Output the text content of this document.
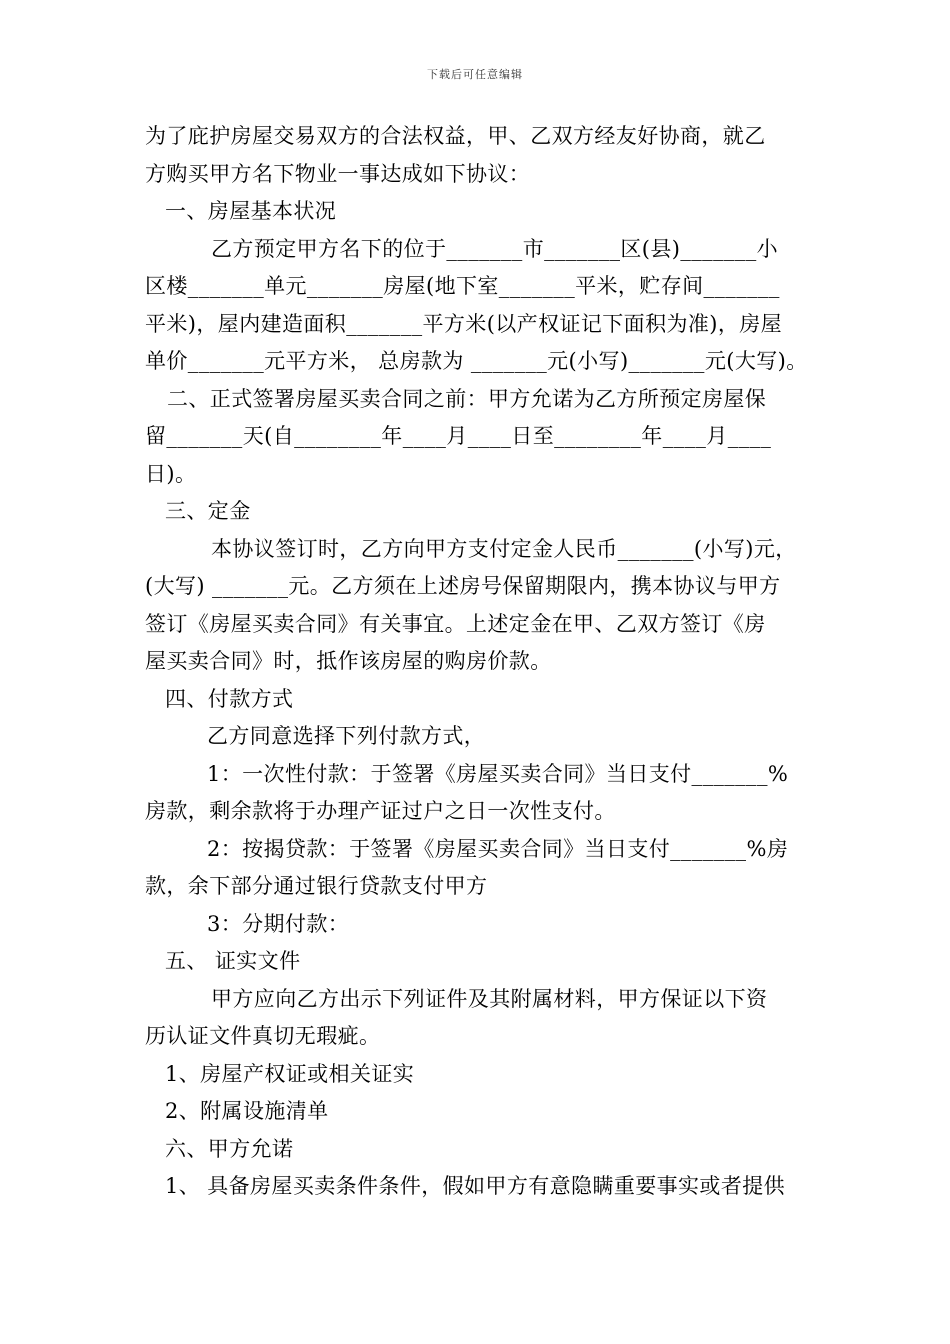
下载后可任意编辑
为了庇护房屋交易双方的合法权益，甲、乙双方经友好协商，就乙
方购买甲方名下物业一事达成如下协议：
一、房屋基本状况
乙方预定甲方名下的位于_______市_______区(县)_______小
区楼_______单元_______房屋(地下室_______平米，贮存间_______
平米)，屋内建造面积_______平方米(以产权证记下面积为准)，房屋
单价_______元平方米， 总房款为 _______元(小写)_______元(大写)。
二、正式签署房屋买卖合同之前：甲方允诺为乙方所预定房屋保
留_______天(自________年____月____日至________年____月____
日)。
三、定金
本协议签订时，乙方向甲方支付定金人民币_______(小写)元，
(大写) _______元。乙方须在上述房号保留期限内，携本协议与甲方
签订《房屋买卖合同》有关事宜。上述定金在甲、乙双方签订《房
屋买卖合同》时，抵作该房屋的购房价款。
四、付款方式
乙方同意选择下列付款方式，
1：一次性付款：于签署《房屋买卖合同》当日支付_______%
房款，剩余款将于办理产证过户之日一次性支付。
2：按揭贷款：于签署《房屋买卖合同》当日支付_______%房
款，余下部分通过银行贷款支付甲方
3：分期付款：
五、 证实文件
甲方应向乙方出示下列证件及其附属材料，甲方保证以下资
历认证文件真切无瑕疵。
1、房屋产权证或相关证实
2、附属设施清单
六、甲方允诺
1、 具备房屋买卖条件条件，假如甲方有意隐瞒重要事实或者提供
